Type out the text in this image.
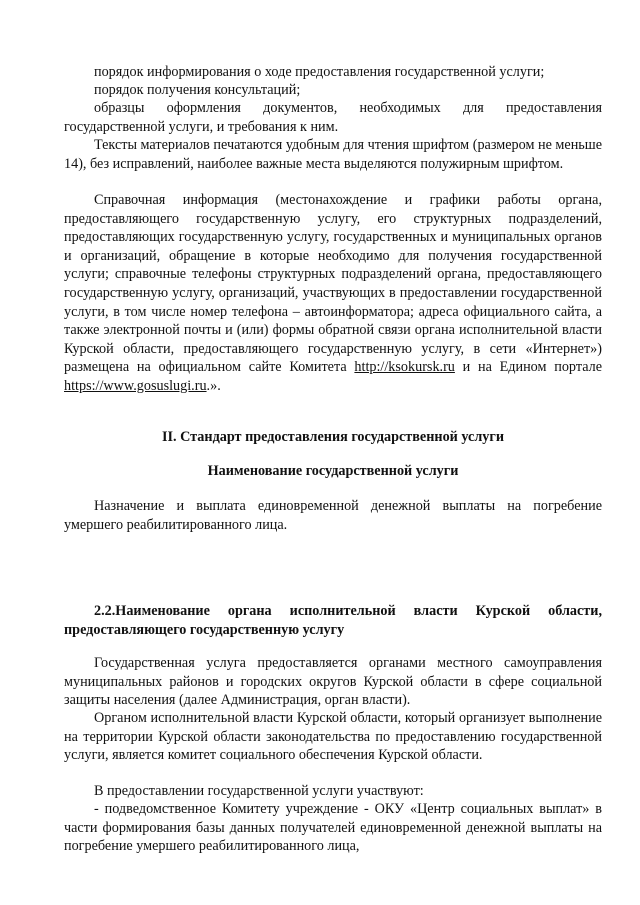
порядок информирования о ходе предоставления государственной услуги;

порядок получения консультаций;

образцы оформления документов, необходимых для предоставления государственной услуги, и требования к ним.

Тексты материалов печатаются удобным для чтения шрифтом (размером не меньше 14), без исправлений, наиболее важные места выделяются полужирным шрифтом.

Справочная информация (местонахождение и графики работы органа, предоставляющего государственную услугу, его структурных подразделений, предоставляющих государственную услугу, государственных и муниципальных органов и организаций, обращение в которые необходимо для получения государственной услуги; справочные телефоны структурных подразделений органа, предоставляющего государственную услугу, организаций, участвующих в предоставлении государственной услуги, в том числе номер телефона – автоинформатора; адреса официального сайта, а также электронной почты и (или) формы обратной связи органа исполнительной власти Курской области, предоставляющего государственную услугу, в сети «Интернет») размещена на официальном сайте Комитета http://ksokursk.ru и на Едином портале https://www.gosuslugi.ru.».

II. Стандарт предоставления государственной услуги

Наименование государственной услуги

Назначение и выплата единовременной денежной выплаты на погребение умершего реабилитированного лица.

2.2.Наименование органа исполнительной власти Курской области, предоставляющего государственную услугу

Государственная услуга предоставляется органами местного самоуправления муниципальных районов и городских округов Курской области в сфере социальной защиты населения (далее Администрация, орган власти).

Органом исполнительной власти Курской области, который организует выполнение на территории Курской области законодательства по предоставлению государственной услуги, является комитет социального обеспечения Курской области.

В предоставлении государственной услуги участвуют:

- подведомственное Комитету учреждение - ОКУ «Центр социальных выплат» в части формирования базы данных получателей единовременной денежной выплаты на погребение умершего реабилитированного лица,
